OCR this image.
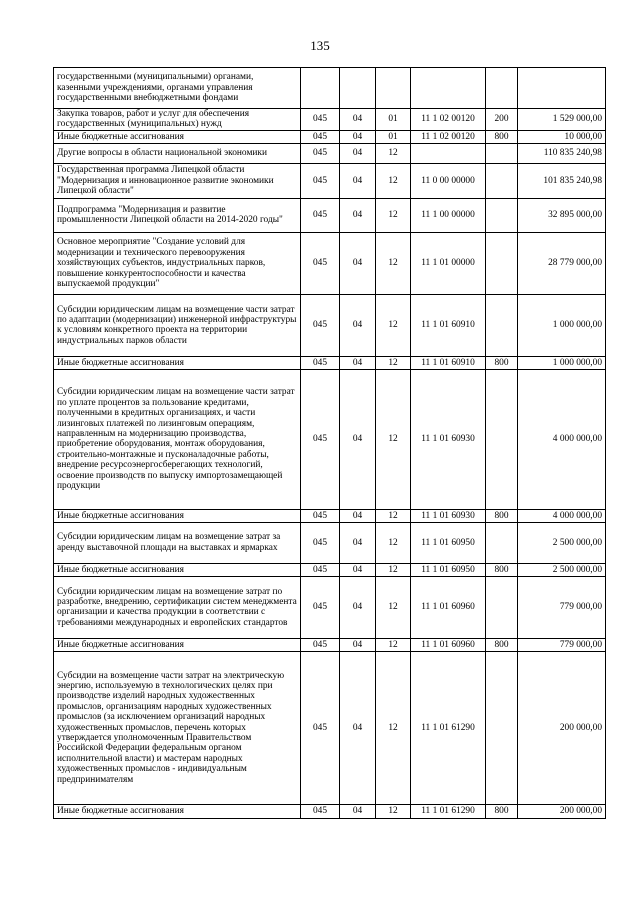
135
государственными (муниципальными) органами, казенными учреждениями, органами управления государственными внебюджетными фондами						
Закупка товаров, работ и услуг для обеспечения государственных (муниципальных) нужд	045	04	01	11 1 02 00120	200	1 529 000,00
Иные бюджетные ассигнования	045	04	01	11 1 02 00120	800	10 000,00
Другие вопросы в области национальной экономики	045	04	12			110 835 240,98
Государственная программа Липецкой области "Модернизация и инновационное развитие экономики Липецкой области"	045	04	12	11 0 00 00000		101 835 240,98
Подпрограмма "Модернизация и развитие промышленности Липецкой области на 2014-2020 годы"	045	04	12	11 1 00 00000		32 895 000,00
Основное мероприятие "Создание условий для модернизации и технического перевооружения хозяйствующих субъектов, индустриальных парков, повышение конкурентоспособности и качества выпускаемой продукции"	045	04	12	11 1 01 00000		28 779 000,00
Субсидии юридическим лицам на возмещение части затрат по адаптации (модернизации) инженерной инфраструктуры к условиям конкретного проекта на территории индустриальных парков области	045	04	12	11 1 01 60910		1 000 000,00
Иные бюджетные ассигнования	045	04	12	11 1 01 60910	800	1 000 000,00
Субсидии юридическим лицам на возмещение части затрат по уплате процентов за пользование кредитами, полученными в кредитных организациях, и части лизинговых платежей по лизинговым операциям, направленным на модернизацию производства, приобретение оборудования, монтаж оборудования, строительно-монтажные и пусконаладочные работы, внедрение ресурсоэнергосберегающих технологий, освоение производств по выпуску импортозамещающей продукции	045	04	12	11 1 01 60930		4 000 000,00
Иные бюджетные ассигнования	045	04	12	11 1 01 60930	800	4 000 000,00
Субсидии юридическим лицам на возмещение затрат за аренду выставочной площади на выставках и ярмарках	045	04	12	11 1 01 60950		2 500 000,00
Иные бюджетные ассигнования	045	04	12	11 1 01 60950	800	2 500 000,00
Субсидии юридическим лицам на возмещение затрат по разработке, внедрению, сертификации систем менеджмента организации и качества продукции в соответствии с требованиями международных и европейских стандартов	045	04	12	11 1 01 60960		779 000,00
Иные бюджетные ассигнования	045	04	12	11 1 01 60960	800	779 000,00
Субсидии на возмещение части затрат на электрическую энергию, используемую в технологических целях при производстве изделий народных художественных промыслов, организациям народных художественных промыслов (за исключением организаций народных художественных промыслов, перечень которых утверждается уполномоченным Правительством Российской Федерации федеральным органом исполнительной власти) и мастерам народных художественных промыслов - индивидуальным предпринимателям	045	04	12	11 1 01 61290		200 000,00
Иные бюджетные ассигнования	045	04	12	11 1 01 61290	800	200 000,00
